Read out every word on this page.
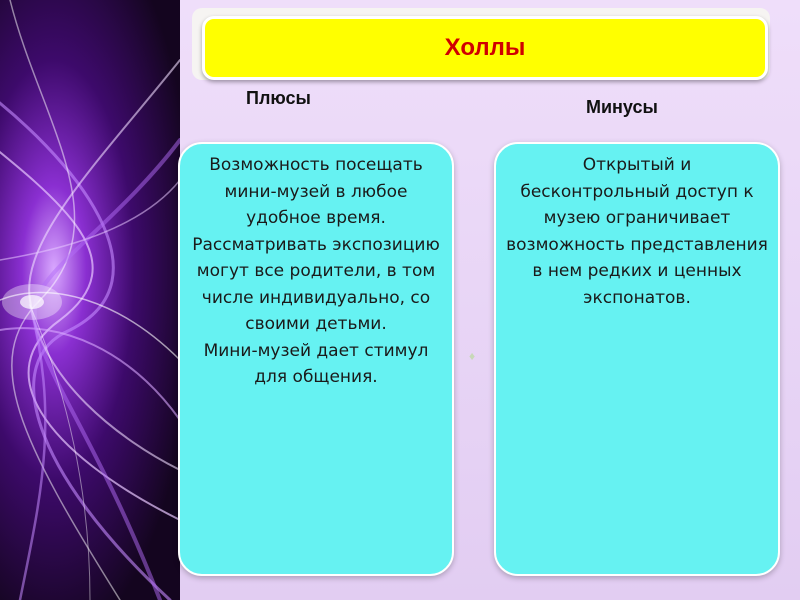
Холлы
Плюсы	Минусы

Возможность посещать мини-музей в любое удобное время.

Рассматривать экспозицию могут все родители, в том числе индивидуально, со своими детьми.

Мини-музей дает стимул для общения.

♦

Открытый и бесконтрольный доступ к музею ограничивает возможность представления в нем редких и ценных экспонатов.
